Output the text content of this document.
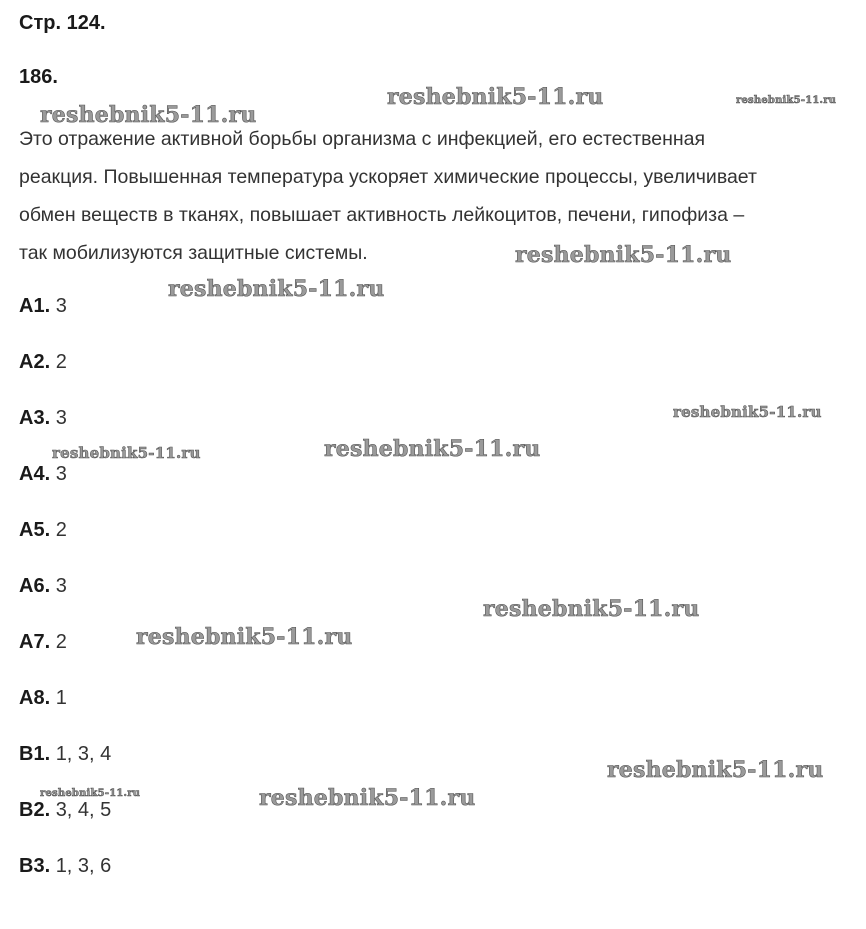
Стр. 124.
186.

Это отражение активной борьбы организма с инфекцией, его естественная
реакция. Повышенная температура ускоряет химические процессы, увеличивает
обмен веществ в тканях, повышает активность лейкоцитов, печени, гипофиза –
так мобилизуются защитные системы.

А1. 3
А2. 2
А3. 3
А4. 3
А5. 2
А6. 3
А7. 2
А8. 1
В1. 1, 3, 4
В2. 3, 4, 5
В3. 1, 3, 6
reshebnik5-11.ru	reshebnik5-11.ru
reshebnik5-11.ru
reshebnik5-11.ru
reshebnik5-11.ru
reshebnik5-11.ru
reshebnik5-11.ru
reshebnik5-11.ru
reshebnik5-11.ru
reshebnik5-11.ru
reshebnik5-11.ru
reshebnik5-11.ru	reshebnik5-11.ru
